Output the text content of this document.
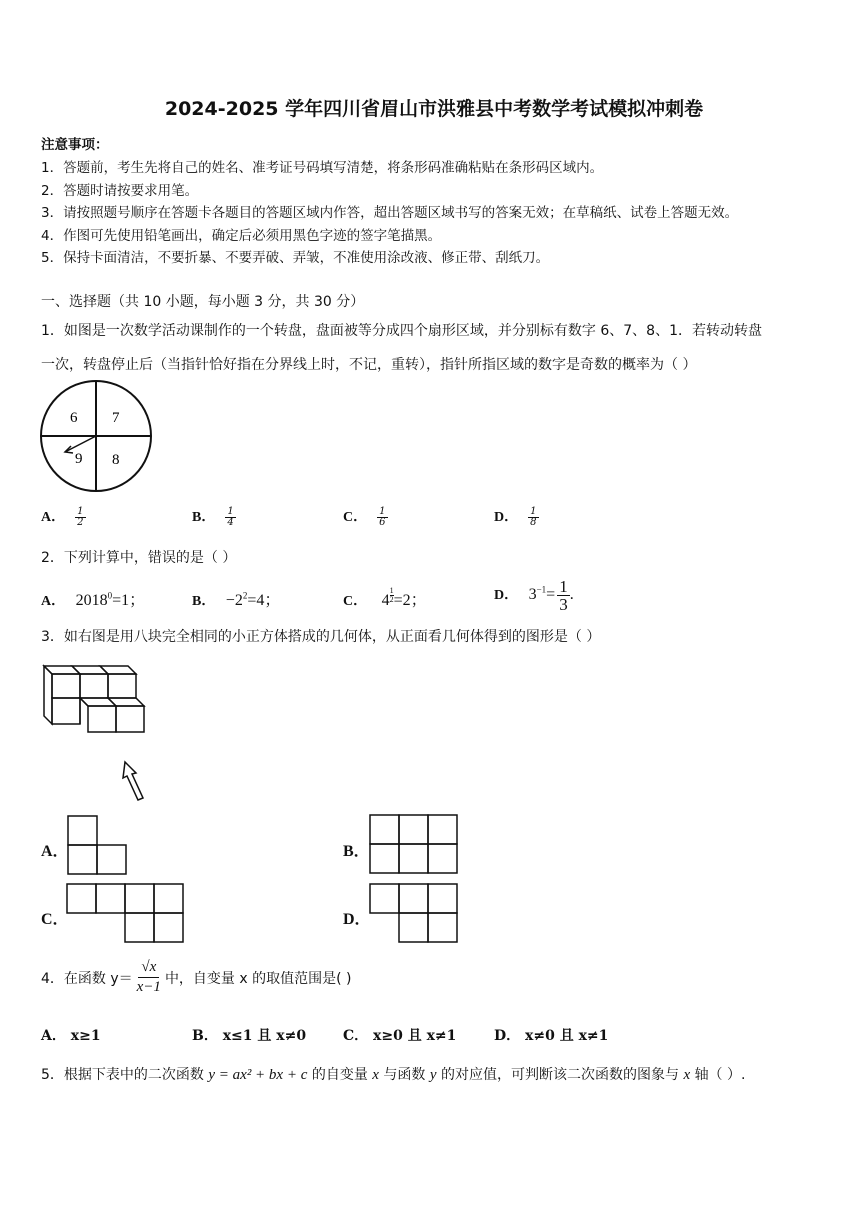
2024-2025 学年四川省眉山市洪雅县中考数学考试模拟冲刺卷
注意事项：
1．答题前，考生先将自己的姓名、准考证号码填写清楚，将条形码准确粘贴在条形码区域内。
2．答题时请按要求用笔。
3．请按照题号顺序在答题卡各题目的答题区域内作答，超出答题区域书写的答案无效；在草稿纸、试卷上答题无效。
4．作图可先使用铅笔画出，确定后必须用黑色字迹的签字笔描黑。
5．保持卡面清洁，不要折暴、不要弄破、弄皱，不准使用涂改液、修正带、刮纸刀。
一、选择题（共 10 小题，每小题 3 分，共 30 分）
1．如图是一次数学活动课制作的一个转盘，盘面被等分成四个扇形区域，并分别标有数字 6、7、8、1．若转动转盘
一次，转盘停止后（当指针恰好指在分界线上时，不记，重转），指针所指区域的数字是奇数的概率为（ ）
6 7
9 8
A． $\frac{1}{2}$	B． $\frac{1}{4}$	C． $\frac{1}{6}$	D． $\frac{1}{8}$
2．下列计算中，错误的是（ ）
A． $2018^0=1$；	B． $-2^2=4$；	C． $4 \frac{1}{2} =2$；	D． $3^{-1}= \frac{1}{3}$ .
3．如右图是用八块完全相同的小正方体搭成的几何体，从正面看几何体得到的图形是（ ）
A．	B．
C．	D．
4．在函数 $y= \frac{√x}{x-1}$ 中，自变量 x 的取值范围是( )
A． x≥1	B． x≤1 且 x≠0	C． x≥0 且 x≠1	D． x≠0 且 x≠1
5．根据下表中的二次函数 y = ax² + bx + c 的自变量 x 与函数 y 的对应值，可判断该二次函数的图象与 x 轴（ ）.
